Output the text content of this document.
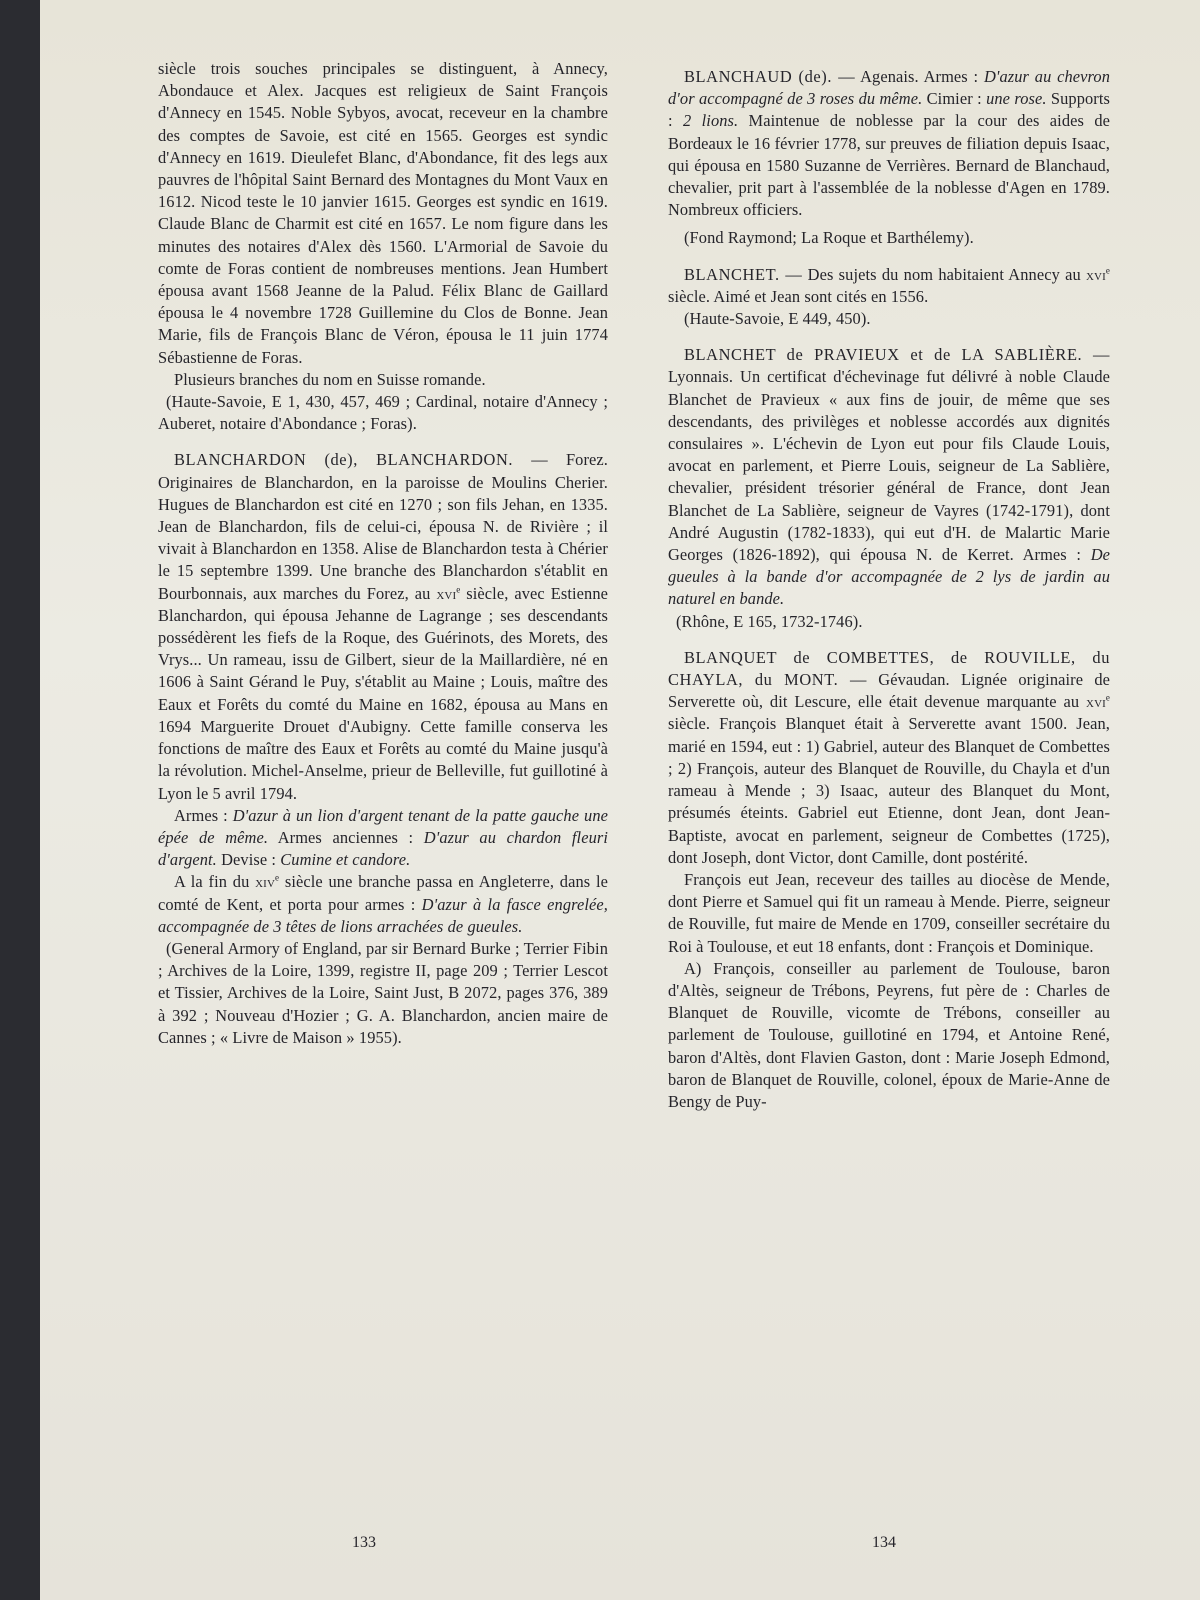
siècle trois souches principales se distinguent, à Annecy, Abondauce et Alex. Jacques est religieux de Saint François d'Annecy en 1545. Noble Sybyos, avocat, receveur en la chambre des comptes de Savoie, est cité en 1565. Georges est syndic d'Annecy en 1619. Dieulefet Blanc, d'Abondance, fit des legs aux pauvres de l'hôpital Saint Bernard des Montagnes du Mont Vaux en 1612. Nicod teste le 10 janvier 1615. Georges est syndic en 1619. Claude Blanc de Charmit est cité en 1657. Le nom figure dans les minutes des notaires d'Alex dès 1560. L'Armorial de Savoie du comte de Foras contient de nombreuses mentions. Jean Humbert épousa avant 1568 Jeanne de la Palud. Félix Blanc de Gaillard épousa le 4 novembre 1728 Guillemine du Clos de Bonne. Jean Marie, fils de François Blanc de Véron, épousa le 11 juin 1774 Sébastienne de Foras.

Plusieurs branches du nom en Suisse romande.

(Haute-Savoie, E 1, 430, 457, 469 ; Cardinal, notaire d'Annecy ; Auberet, notaire d'Abondance ; Foras).

BLANCHARDON (de), BLANCHARDON. — Forez. Originaires de Blanchardon, en la paroisse de Moulins Cherier. Hugues de Blanchardon est cité en 1270 ; son fils Jehan, en 1335. Jean de Blanchardon, fils de celui-ci, épousa N. de Rivière ; il vivait à Blanchardon en 1358. Alise de Blanchardon testa à Chérier le 15 septembre 1399. Une branche des Blanchardon s'établit en Bourbonnais, aux marches du Forez, au xvi$^e$ siècle, avec Estienne Blanchardon, qui épousa Jehanne de Lagrange ; ses descendants possédèrent les fiefs de la Roque, des Guérinots, des Morets, des Vrys... Un rameau, issu de Gilbert, sieur de la Maillardière, né en 1606 à Saint Gérand le Puy, s'établit au Maine ; Louis, maître des Eaux et Forêts du comté du Maine en 1682, épousa au Mans en 1694 Marguerite Drouet d'Aubigny. Cette famille conserva les fonctions de maître des Eaux et Forêts au comté du Maine jusqu'à la révolution. Michel-Anselme, prieur de Belleville, fut guillotiné à Lyon le 5 avril 1794.

Armes : D'azur à un lion d'argent tenant de la patte gauche une épée de même. Armes anciennes : D'azur au chardon fleuri d'argent. Devise : Cumine et candore.

A la fin du xiv$^e$ siècle une branche passa en Angleterre, dans le comté de Kent, et porta pour armes : D'azur à la fasce engrelée, accompagnée de 3 têtes de lions arrachées de gueules.

(General Armory of England, par sir Bernard Burke ; Terrier Fibin ; Archives de la Loire, 1399, registre II, page 209 ; Terrier Lescot et Tissier, Archives de la Loire, Saint Just, B 2072, pages 376, 389 à 392 ; Nouveau d'Hozier ; G. A. Blanchardon, ancien maire de Cannes ; « Livre de Maison » 1955).

BLANCHAUD (de). — Agenais. Armes : D'azur au chevron d'or accompagné de 3 roses du même. Cimier : une rose. Supports : 2 lions. Maintenue de noblesse par la cour des aides de Bordeaux le 16 février 1778, sur preuves de filiation depuis Isaac, qui épousa en 1580 Suzanne de Verrières. Bernard de Blanchaud, chevalier, prit part à l'assemblée de la noblesse d'Agen en 1789. Nombreux officiers.

(Fond Raymond; La Roque et Barthélemy).

BLANCHET. — Des sujets du nom habitaient Annecy au xvi$^e$ siècle. Aimé et Jean sont cités en 1556.

(Haute-Savoie, E 449, 450).

BLANCHET de PRAVIEUX et de LA SABLIÈRE. — Lyonnais. Un certificat d'échevinage fut délivré à noble Claude Blanchet de Pravieux « aux fins de jouir, de même que ses descendants, des privilèges et noblesse accordés aux dignités consulaires ». L'échevin de Lyon eut pour fils Claude Louis, avocat en parlement, et Pierre Louis, seigneur de La Sablière, chevalier, président trésorier général de France, dont Jean Blanchet de La Sablière, seigneur de Vayres (1742-1791), dont André Augustin (1782-1833), qui eut d'H. de Malartic Marie Georges (1826-1892), qui épousa N. de Kerret. Armes : De gueules à la bande d'or accompagnée de 2 lys de jardin au naturel en bande.

(Rhône, E 165, 1732-1746).

BLANQUET de COMBETTES, de ROUVILLE, du CHAYLA, du MONT. — Gévaudan. Lignée originaire de Serverette où, dit Lescure, elle était devenue marquante au xvi$^e$ siècle. François Blanquet était à Serverette avant 1500. Jean, marié en 1594, eut : 1) Gabriel, auteur des Blanquet de Combettes ; 2) François, auteur des Blanquet de Rouville, du Chayla et d'un rameau à Mende ; 3) Isaac, auteur des Blanquet du Mont, présumés éteints. Gabriel eut Etienne, dont Jean, dont Jean-Baptiste, avocat en parlement, seigneur de Combettes (1725), dont Joseph, dont Victor, dont Camille, dont postérité.

François eut Jean, receveur des tailles au diocèse de Mende, dont Pierre et Samuel qui fit un rameau à Mende. Pierre, seigneur de Rouville, fut maire de Mende en 1709, conseiller secrétaire du Roi à Toulouse, et eut 18 enfants, dont : François et Dominique.

A) François, conseiller au parlement de Toulouse, baron d'Altès, seigneur de Trébons, Peyrens, fut père de : Charles de Blanquet de Rouville, vicomte de Trébons, conseiller au parlement de Toulouse, guillotiné en 1794, et Antoine René, baron d'Altès, dont Flavien Gaston, dont : Marie Joseph Edmond, baron de Blanquet de Rouville, colonel, époux de Marie-Anne de Bengy de Puy-

133	134
